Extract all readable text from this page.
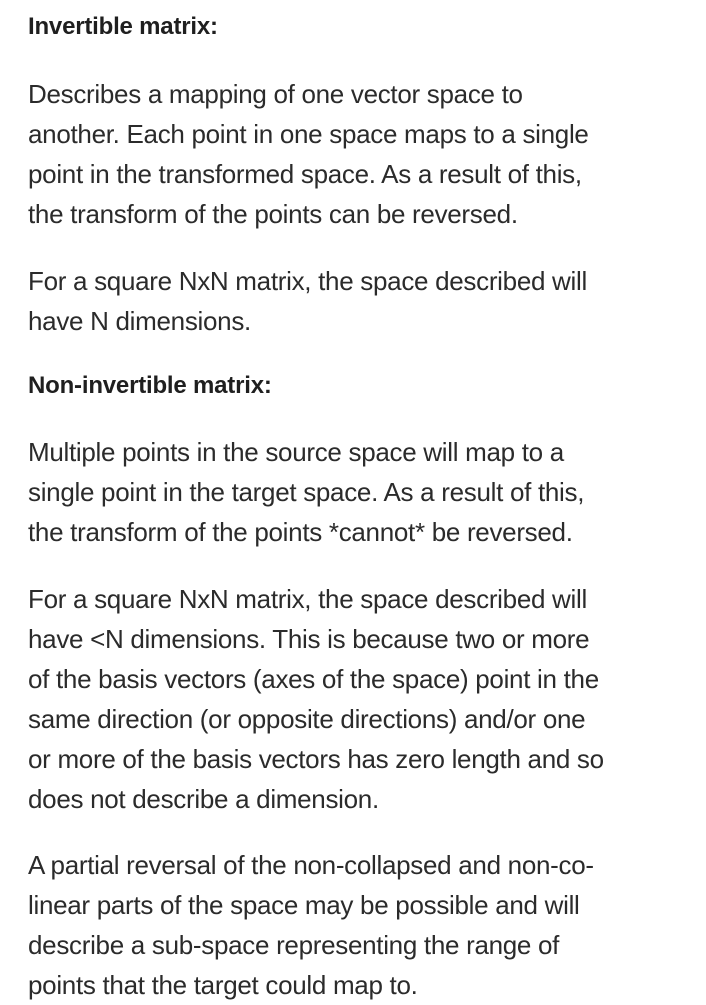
Invertible matrix:

Describes a mapping of one vector space to
another. Each point in one space maps to a single
point in the transformed space. As a result of this,
the transform of the points can be reversed.

For a square NxN matrix, the space described will
have N dimensions.

Non-invertible matrix:

Multiple points in the source space will map to a
single point in the target space. As a result of this,
the transform of the points *cannot* be reversed.

For a square NxN matrix, the space described will
have <N dimensions. This is because two or more
of the basis vectors (axes of the space) point in the
same direction (or opposite directions) and/or one
or more of the basis vectors has zero length and so
does not describe a dimension.

A partial reversal of the non-collapsed and non-co-
linear parts of the space may be possible and will
describe a sub-space representing the range of
points that the target could map to.
